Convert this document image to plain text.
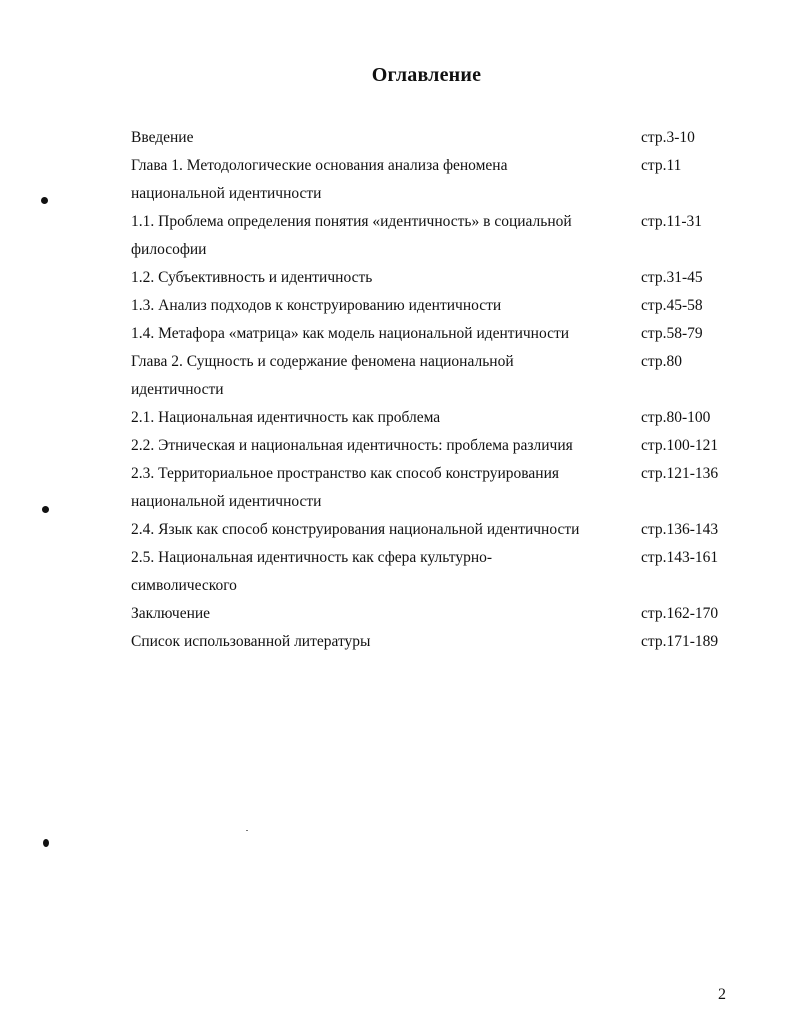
Оглавление
Введение	стр.3-10
Глава 1. Методологические основания анализа феномена	стр.11
национальной идентичности
1.1. Проблема определения понятия «идентичность» в социальной	стр.11-31
философии
1.2. Субъективность и идентичность	стр.31-45
1.3. Анализ подходов к конструированию идентичности	стр.45-58
1.4. Метафора «матрица» как модель национальной идентичности	стр.58-79
Глава 2. Сущность и содержание феномена национальной	стр.80
идентичности
2.1. Национальная идентичность как проблема	стр.80-100
2.2. Этническая и национальная идентичность: проблема различия	стр.100-121
2.3. Территориальное пространство как способ конструирования	стр.121-136
национальной идентичности
2.4. Язык как способ конструирования национальной идентичности	стр.136-143
2.5. Национальная идентичность как сфера культурно-	стр.143-161
символического
Заключение	стр.162-170
Список использованной литературы	стр.171-189
2
